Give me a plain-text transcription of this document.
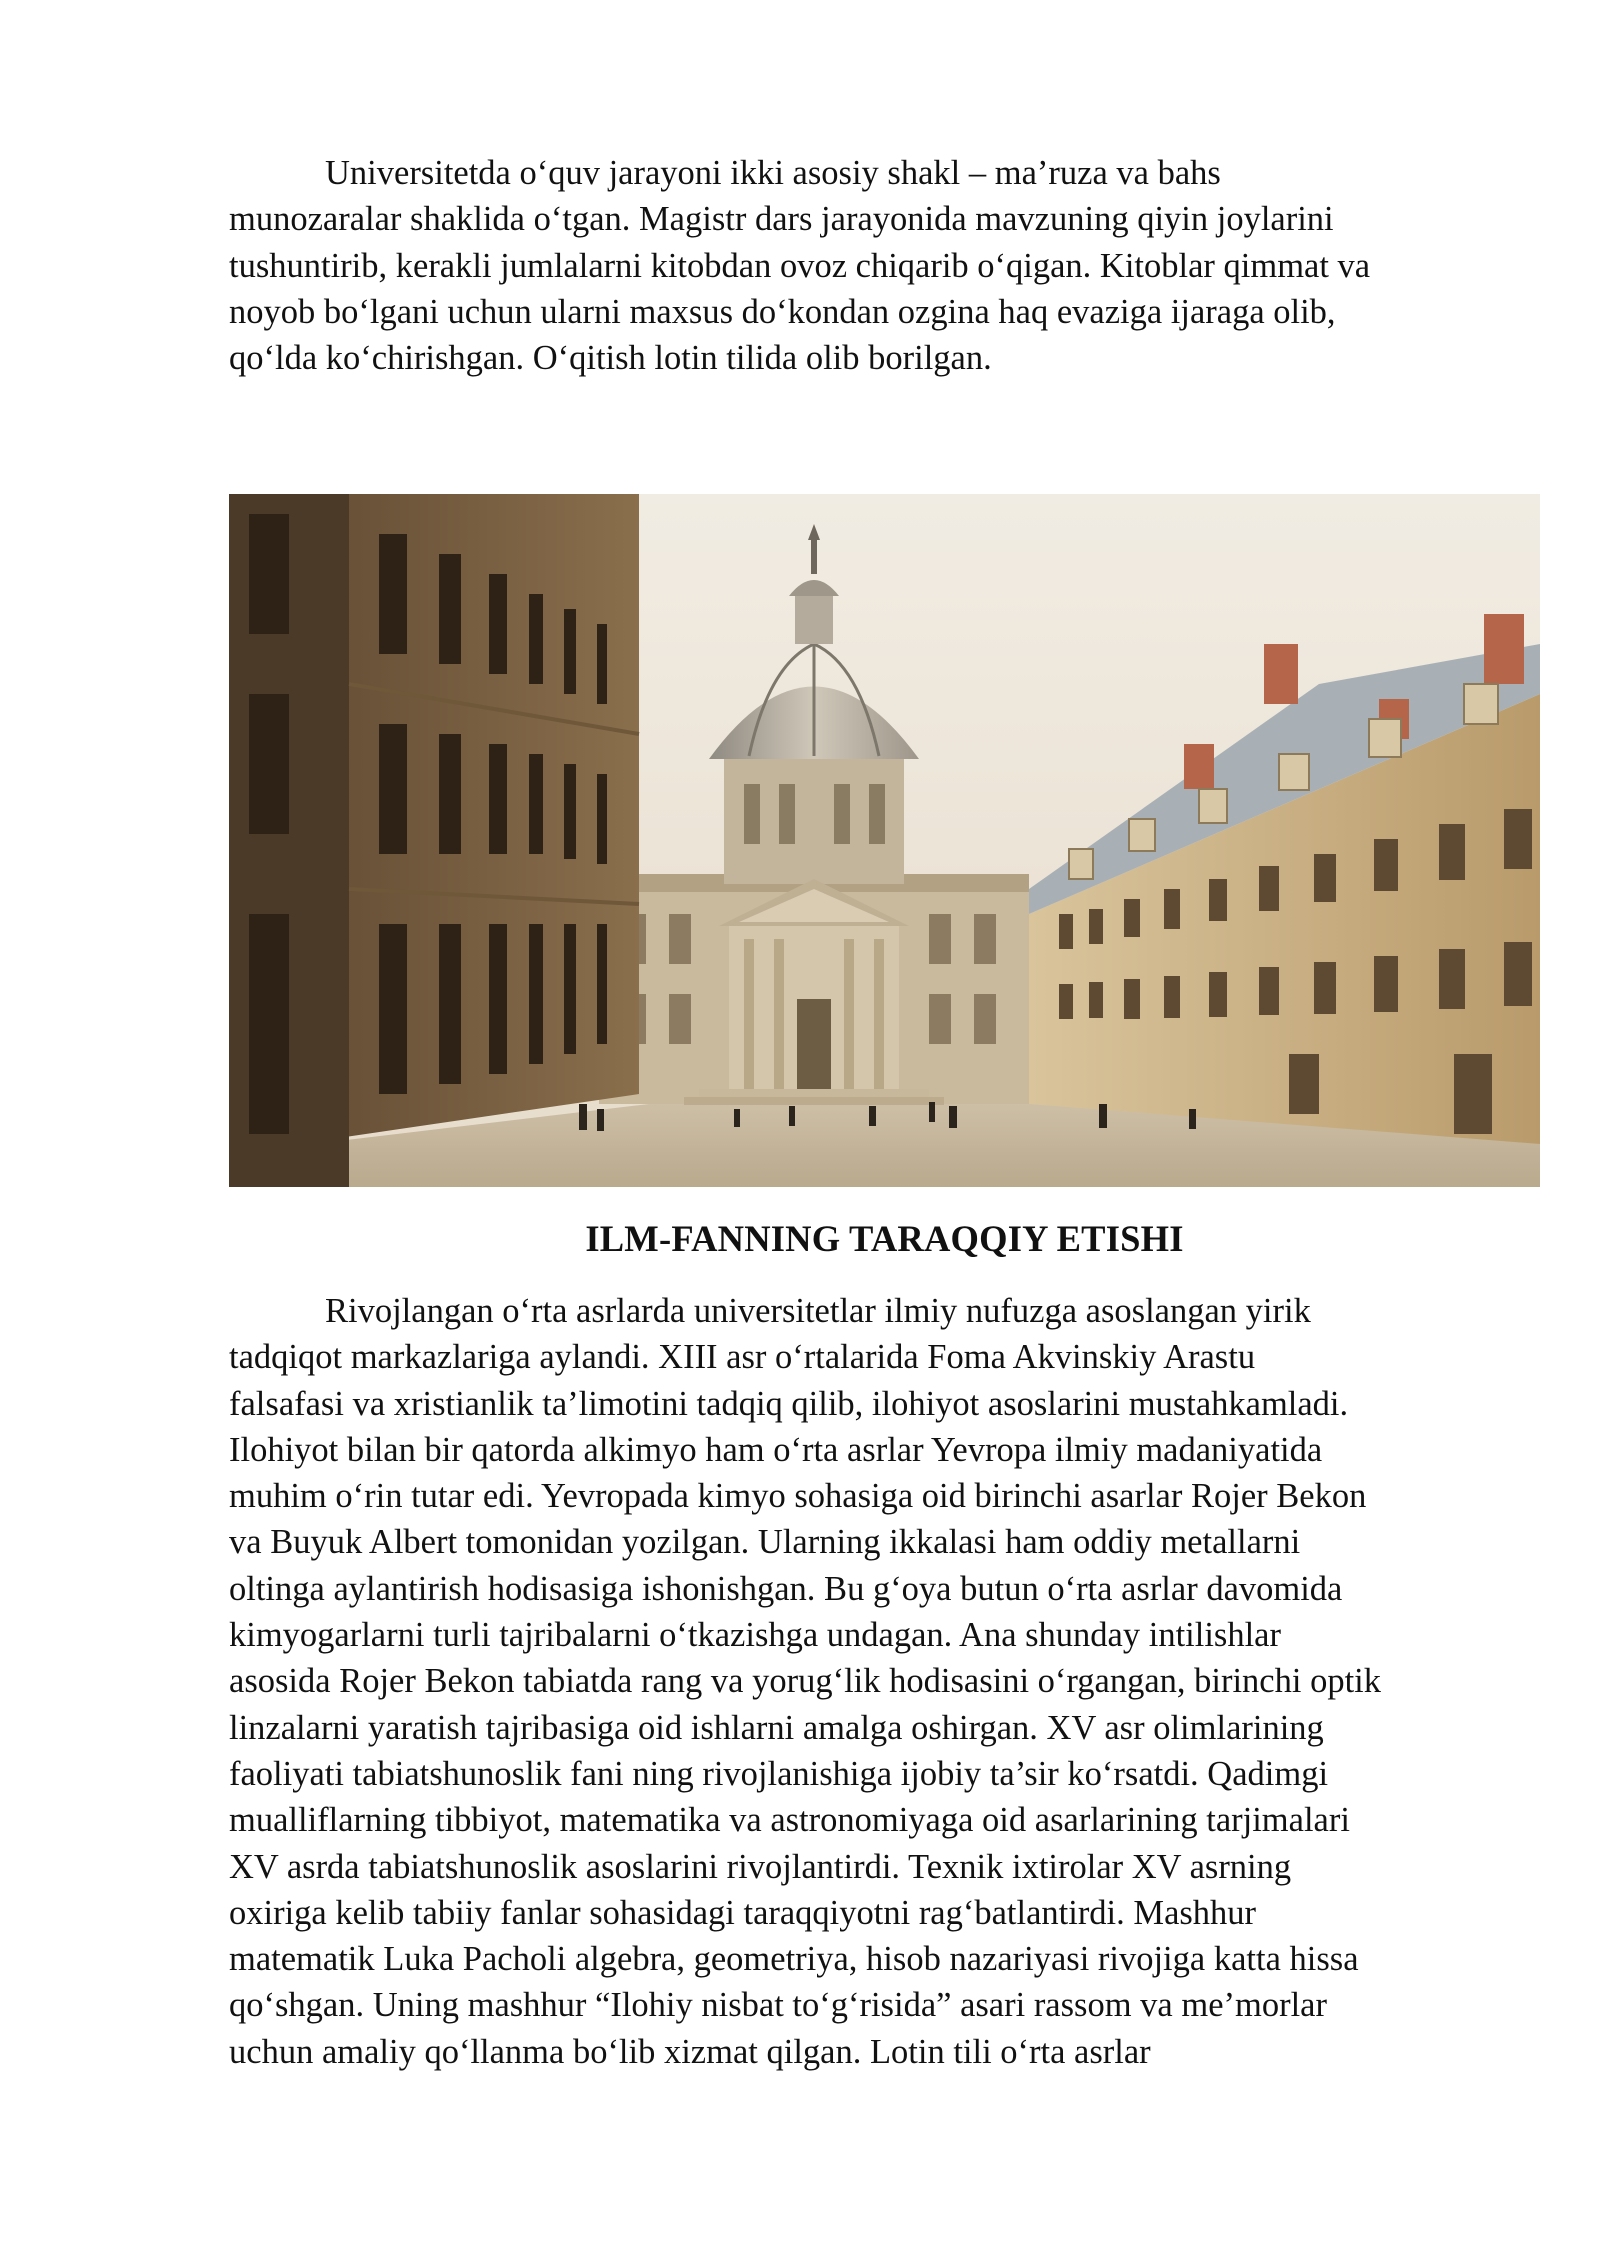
Universitetda o‘quv jarayoni ikki asosiy shakl – ma’ruza va bahs
munozaralar shaklida o‘tgan. Magistr dars jarayonida mavzuning qiyin joylarini
tushuntirib, kerakli jumlalarni kitobdan ovoz chiqarib o‘qigan. Kitoblar qimmat va
noyob bo‘lgani uchun ularni maxsus do‘kondan ozgina haq evaziga ijaraga olib,
qo‘lda ko‘chirishgan. O‘qitish lotin tilida olib borilgan.
ILM-FANNING TARAQQIY ETISHI
Rivojlangan o‘rta asrlarda universitetlar ilmiy nufuzga asoslangan yirik
tadqiqot markazlariga aylandi. XIII asr o‘rtalarida Foma Akvinskiy Arastu
falsafasi va xristianlik ta’limotini tadqiq qilib, ilohiyot asoslarini mustahkamladi.
Ilohiyot bilan bir qatorda alkimyo ham o‘rta asrlar Yevropa ilmiy madaniyatida
muhim o‘rin tutar edi. Yevropada kimyo sohasiga oid birinchi asarlar Rojer Bekon
va Buyuk Albert tomonidan yozilgan. Ularning ikkalasi ham oddiy metallarni
oltinga aylantirish hodisasiga ishonishgan. Bu g‘oya butun o‘rta asrlar davomida
kimyogarlarni turli tajribalarni o‘tkazishga undagan. Ana shunday intilishlar
asosida Rojer Bekon tabiatda rang va yorug‘lik hodisasini o‘rgangan, birinchi optik
linzalarni yaratish tajribasiga oid ishlarni amalga oshirgan. XV asr olimlarining
faoliyati tabiatshunoslik fani ning rivojlanishiga ijobiy ta’sir ko‘rsatdi. Qadimgi
mualliflarning tibbiyot, matematika va astronomiyaga oid asarlarining tarjimalari
XV asrda tabiatshunoslik asoslarini rivojlantirdi. Texnik ixtirolar XV asrning
oxiriga kelib tabiiy fanlar sohasidagi taraqqiyotni rag‘batlantirdi. Mashhur
matematik Luka Pacholi algebra, geometriya, hisob nazariyasi rivojiga katta hissa
qo‘shgan. Uning mashhur “Ilohiy nisbat to‘g‘risida” asari rassom va me’morlar
uchun amaliy qo‘llanma bo‘lib xizmat qilgan. Lotin tili o‘rta asrlar
